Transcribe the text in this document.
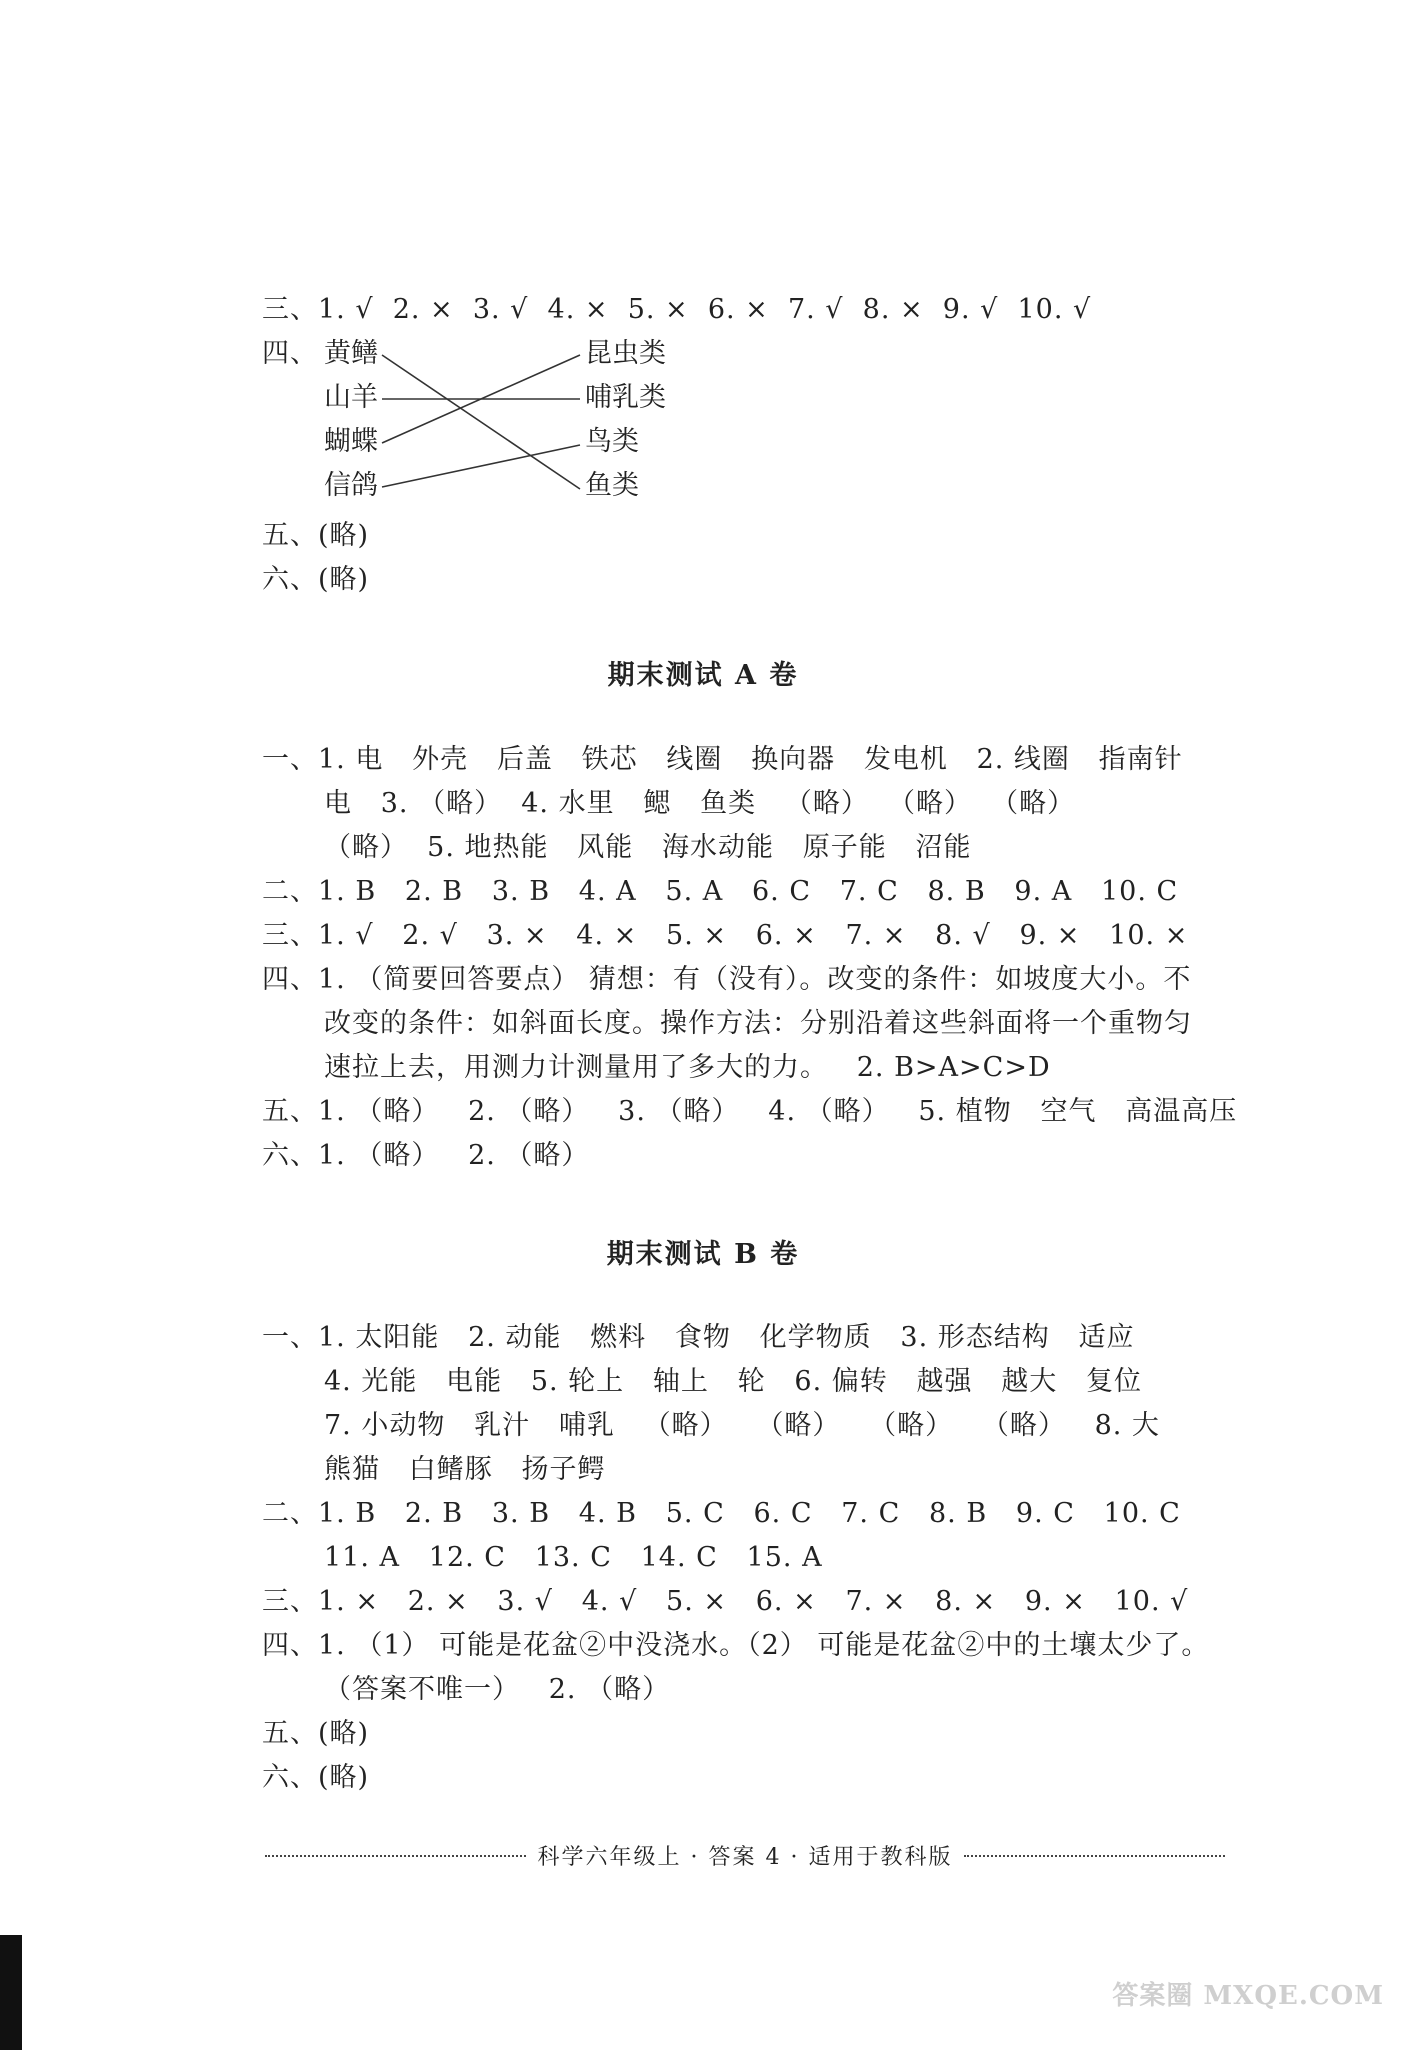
三、1. √  2. ×  3. √  4. ×  5. ×  6. ×  7. √  8. ×  9. √  10. √
四、 黄鳝
山羊
蝴蝶
信鸽
昆虫类
哺乳类
鸟类
鱼类
五、(略)
六、(略)
期末测试 A 卷
一、1. 电   外壳   后盖   铁芯   线圈   换向器   发电机   2. 线圈   指南针
电   3. （略）  4. 水里   鳃   鱼类   （略）  （略）  （略）
（略）  5. 地热能   风能   海水动能   原子能   沼能
二、1. B   2. B   3. B   4. A   5. A   6. C   7. C   8. B   9. A   10. C
三、1. √   2. √   3. ×   4. ×   5. ×   6. ×   7. ×   8. √   9. ×   10. ×
四、1. （简要回答要点） 猜想：有（没有）。改变的条件：如坡度大小。不
改变的条件：如斜面长度。操作方法：分别沿着这些斜面将一个重物匀
速拉上去，用测力计测量用了多大的力。   2. B>A>C>D
五、1. （略）   2. （略）   3. （略）   4. （略）   5. 植物   空气   高温高压
六、1. （略）   2. （略）
期末测试 B 卷
一、1. 太阳能   2. 动能   燃料   食物   化学物质   3. 形态结构   适应
4. 光能   电能   5. 轮上   轴上   轮   6. 偏转   越强   越大   复位
7. 小动物   乳汁   哺乳   （略）   （略）   （略）   （略）   8. 大
熊猫   白鳍豚   扬子鳄
二、1. B   2. B   3. B   4. B   5. C   6. C   7. C   8. B   9. C   10. C
11. A   12. C   13. C   14. C   15. A
三、1. ×   2. ×   3. √   4. √   5. ×   6. ×   7. ×   8. ×   9. ×   10. √
四、1. （1） 可能是花盆②中没浇水。（2） 可能是花盆②中的土壤太少了。
（答案不唯一）   2. （略）
五、(略)
六、(略)
科学六年级上 · 答案 4 · 适用于教科版
答案圈 MXQE.COM
